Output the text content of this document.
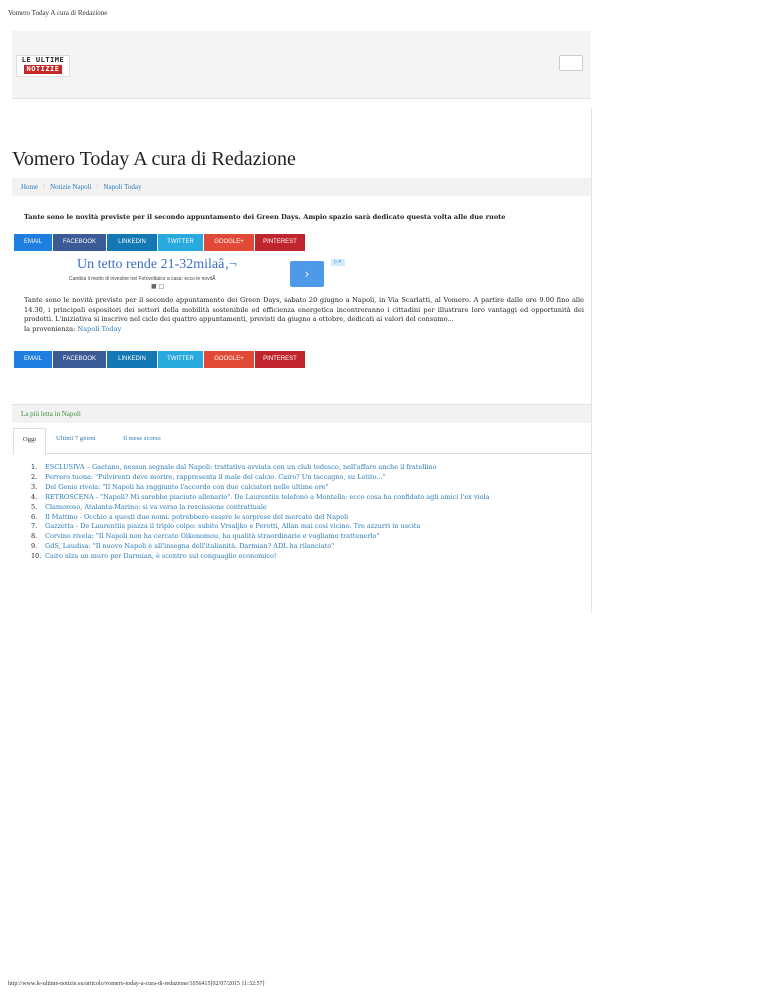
Vomero Today A cura di Redazione
LE ULTIME
NOTIZIE
Vomero Today A cura di Redazione
Home / Notizie Napoli / Napoli Today
Tante sono le novità previste per il secondo appuntamento dei Green Days. Ampio spazio sarà dedicato questa volta alle due ruote
EMAIL	FACEBOOK	LINKEDIN	TWITTER	GOOGLE+	PINTEREST
Un tetto rende 21-32milaâ‚¬
Cambia il modo di investire nel Fotovoltaico a casa: ecco le novitÃ
■ □
›
▷✕
Tante sono le novità previste per il secondo appuntamento dei Green Days, sabato 20 giugno a Napoli, in Via Scarlatti, al Vomero. A partire dalle ore 9.00 fino alle 14.30, i principali espositori dei settori della mobilità sostenibile ed efficienza energetica incontreranno i cittadini per illustrare loro vantaggi ed opportunità dei prodotti. L'iniziativa si inscrive nel ciclo dei quattro appuntamenti, previsti da giugno a ottobre, dedicati ai valori del consumo...
la provenienza: Napoli Today
EMAIL	FACEBOOK	LINKEDIN	TWITTER	GOOGLE+	PINTEREST
La più letta in Napoli
Oggi	Ultimi 7 giorni	Il mese scorso
1.	ESCLUSIVA – Gaetano, nessun segnale dal Napoli: trattativa avviata con un club tedesco, nell'affare anche il fratellino
2.	Ferrero tuona: "Pulvirenti deve morire, rappresenta il male del calcio. Cairo? Un taccagno, su Lotito..."
3.	Del Genio rivela: "Il Napoli ha raggiunto l'accordo con due calciatori nelle ultime ore"
4.	RETROSCENA - "Napoli? Mi sarebbe piaciuto allenarlo". De Laurentiis telefonò a Montella: ecco cosa ha confidato agli amici l'ex viola
5.	Clamoroso, Atalanta-Marino: si va verso la rescissione contrattuale
6.	Il Mattino - Occhio a questi due nomi: potrebbero essere le sorprese del mercato del Napoli
7.	Gazzetta - De Laurentiis piazza il triplo colpo: subito Vrsaljko e Perotti, Allan mai così vicino. Tre azzurri in uscita
8.	Corvino rivela: "Il Napoli non ha cercato Oikonomou, ha qualità straordinarie e vogliamo trattenerlo"
9.	GdS, Laudisa: "Il nuovo Napoli è all'insegna dell'italianità. Darmian? ADL ha rilanciato"
10. Cairo alza un muro per Darmian, è scontro sul conguaglio economico!
http://www.le-ultime-notizie.eu/articolo/vomero-today-a-cura-di-redazione/1056415[02/07/2015 11:32:57]
